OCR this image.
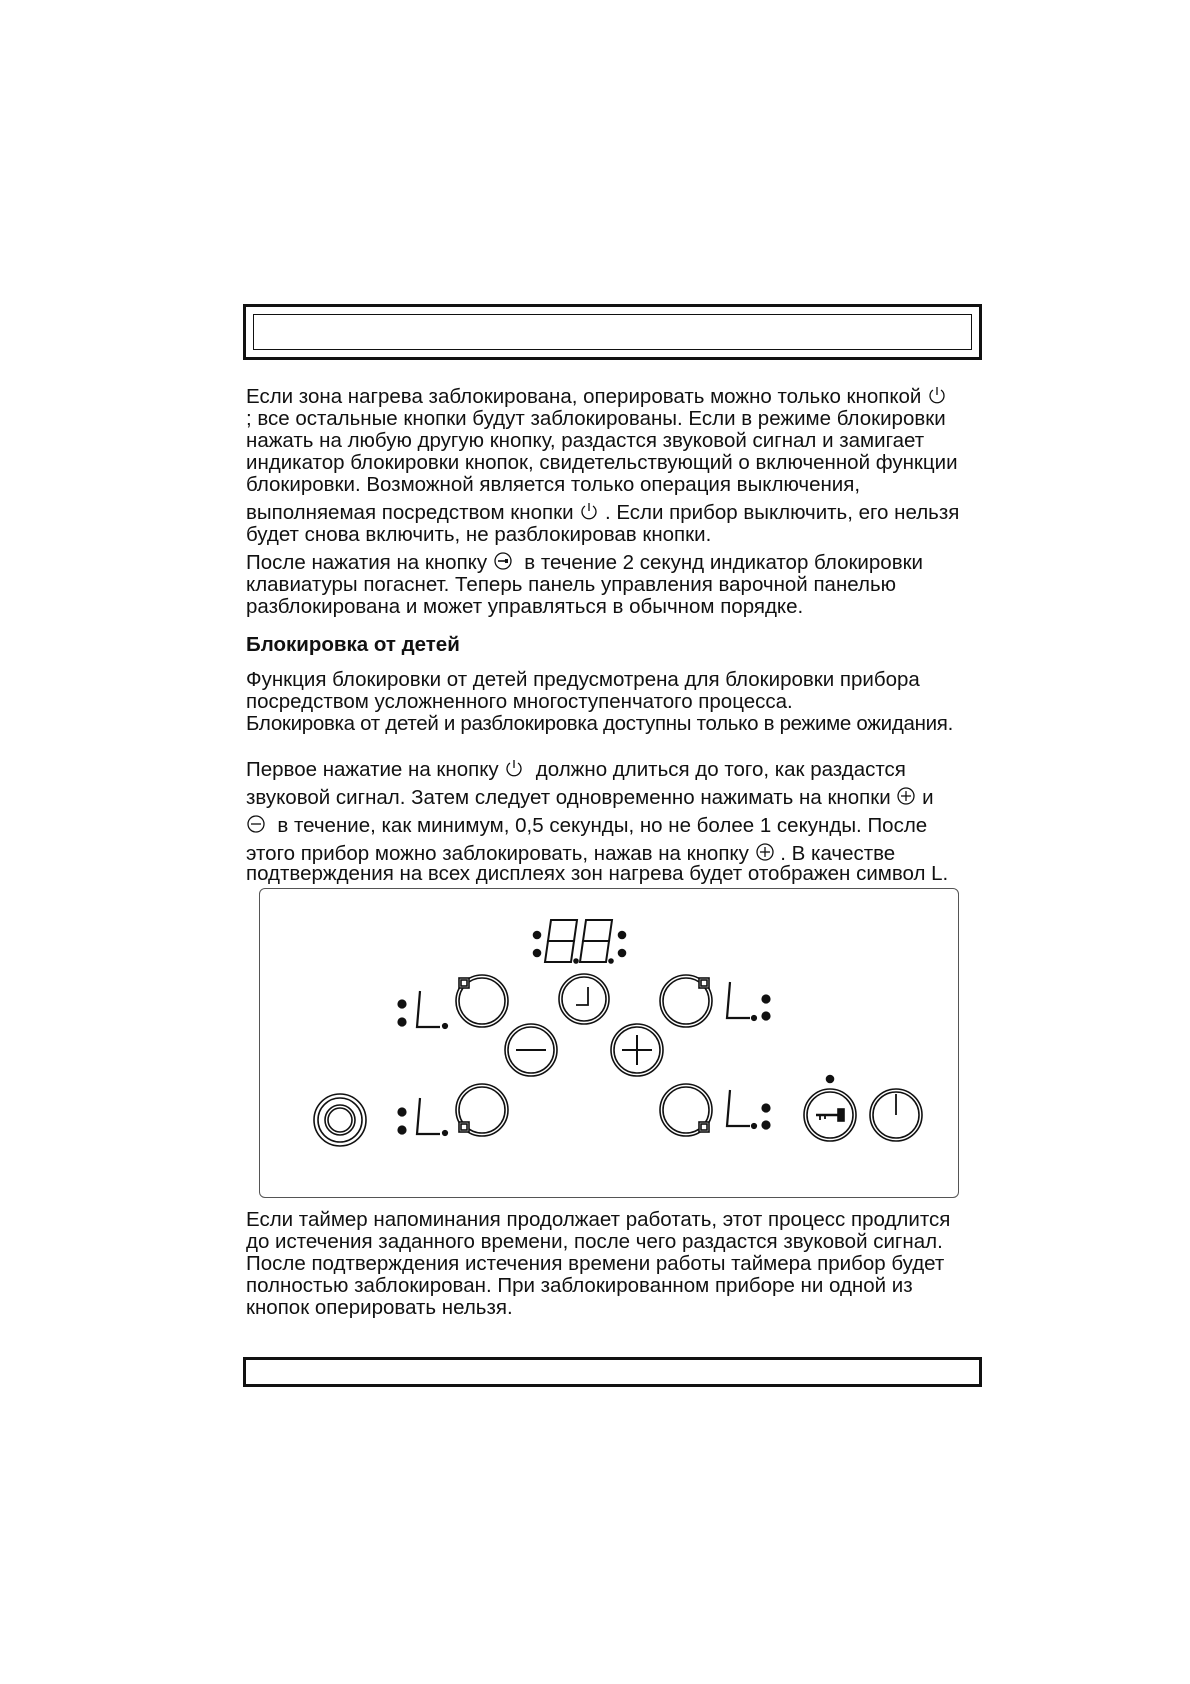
Если зона нагрева заблокирована, оперировать можно только кнопкой

; все остальные кнопки будут заблокированы. Если в режиме блокировки

нажать на любую другую кнопку, раздастся звуковой сигнал и замигает

индикатор блокировки кнопок, свидетельствующий о включенной функции

блокировки. Возможной является только операция выключения,

выполняемая посредством кнопки . Если прибор выключить, его нельзя

будет снова включить, не разблокировав кнопки.

После нажатия на кнопку в течение 2 секунд индикатор блокировки

клавиатуры погаснет. Теперь панель управления варочной панелью

разблокирована и может управляться в обычном порядке.

Блокировка от детей

Функция блокировки от детей предусмотрена для блокировки прибора

посредством усложненного многоступенчатого процесса.

Блокировка от детей и разблокировка доступны только в режиме ожидания.

Первое нажатие на кнопку должно длиться до того, как раздастся

звуковой сигнал. Затем следует одновременно нажимать на кнопки и

в течение, как минимум, 0,5 секунды, но не более 1 секунды. После

этого прибор можно заблокировать, нажав на кнопку . В качестве

подтверждения на всех дисплеях зон нагрева будет отображен символ L.

Если таймер напоминания продолжает работать, этот процесс продлится

до истечения заданного времени, после чего раздастся звуковой сигнал.

После подтверждения истечения времени работы таймера прибор будет

полностью заблокирован. При заблокированном приборе ни одной из

кнопок оперировать нельзя.
